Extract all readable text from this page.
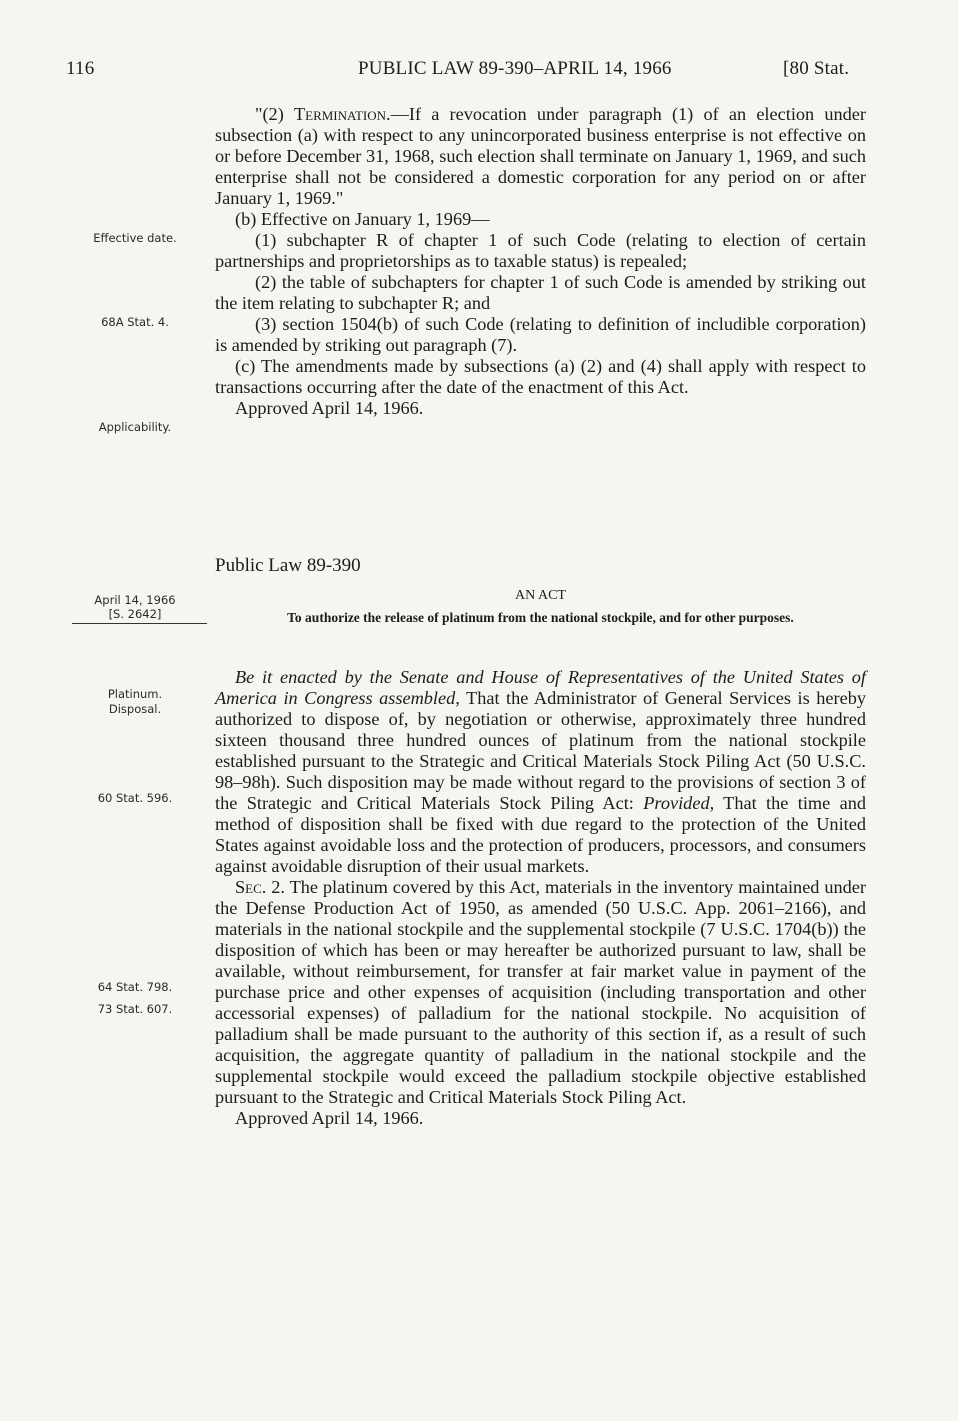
116	PUBLIC LAW 89-390–APRIL 14, 1966	[80 Stat.
Effective date.
68A Stat. 4.
Applicability.
April 14, 1966
[S. 2642]
Platinum.
Disposal.
60 Stat. 596.
64 Stat. 798.
73 Stat. 607.

"(2) Termination.—If a revocation under paragraph (1) of an election under subsection (a) with respect to any unincorporated business enterprise is not effective on or before December 31, 1968, such election shall terminate on January 1, 1969, and such enterprise shall not be considered a domestic corporation for any period on or after January 1, 1969."

(b) Effective on January 1, 1969—

(1) subchapter R of chapter 1 of such Code (relating to election of certain partnerships and proprietorships as to taxable status) is repealed;

(2) the table of subchapters for chapter 1 of such Code is amended by striking out the item relating to subchapter R; and

(3) section 1504(b) of such Code (relating to definition of includible corporation) is amended by striking out paragraph (7).

(c) The amendments made by subsections (a) (2) and (4) shall apply with respect to transactions occurring after the date of the enactment of this Act.

Approved April 14, 1966.

Public Law 89-390
AN ACT
To authorize the release of platinum from the national stockpile, and for other purposes.

Be it enacted by the Senate and House of Representatives of the United States of America in Congress assembled, That the Administrator of General Services is hereby authorized to dispose of, by negotiation or otherwise, approximately three hundred sixteen thousand three hundred ounces of platinum from the national stockpile established pursuant to the Strategic and Critical Materials Stock Piling Act (50 U.S.C. 98–98h). Such disposition may be made without regard to the provisions of section 3 of the Strategic and Critical Materials Stock Piling Act: Provided, That the time and method of disposition shall be fixed with due regard to the protection of the United States against avoidable loss and the protection of producers, processors, and consumers against avoidable disruption of their usual markets.

Sec. 2. The platinum covered by this Act, materials in the inventory maintained under the Defense Production Act of 1950, as amended (50 U.S.C. App. 2061–2166), and materials in the national stockpile and the supplemental stockpile (7 U.S.C. 1704(b)) the disposition of which has been or may hereafter be authorized pursuant to law, shall be available, without reimbursement, for transfer at fair market value in payment of the purchase price and other expenses of acquisition (including transportation and other accessorial expenses) of palladium for the national stockpile. No acquisition of palladium shall be made pursuant to the authority of this section if, as a result of such acquisition, the aggregate quantity of palladium in the national stockpile and the supplemental stockpile would exceed the palladium stockpile objective established pursuant to the Strategic and Critical Materials Stock Piling Act.

Approved April 14, 1966.
